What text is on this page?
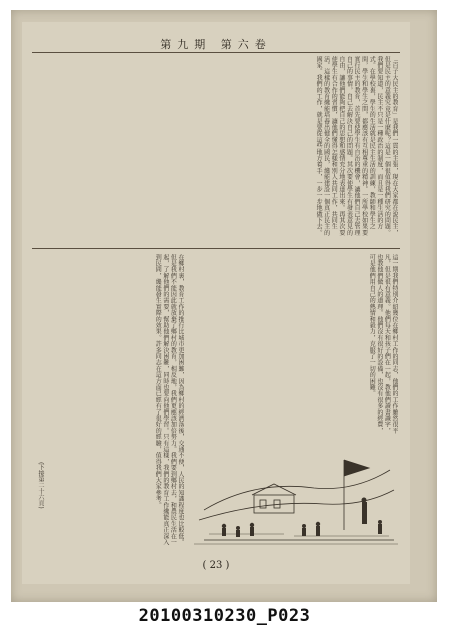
第九期 第六卷
「百子大民主的教育」是我們一貫的主張，現在大家都在說民主，但是民主的意義究竟是什麼呢？這是一個很值得我們研究的問題。我們要知道，民主不只是一種政治的制度，而且是一種生活的方式。在學校裏，學生的生活就是民主生活的訓練，教師和學生之間，學生和學生之間，都應該有互相尊重的精神。一所學校如果要實行民主的教育，首先要使學生有自治的機會，讓他們自己去管理自己的事情，自己去解決自己的問題。其次要使學生有發表意見的自由，讓他們能夠把自己的思想和感情充分地表達出來。再其次要使學生有合作的習慣，讓他們懂得怎樣和別人共同工作，共同生活。這樣的教育纔能培養出健全的國民，纔能建設一個真正民主的國家。我們的工作，就是要從這些地方着手，一步一步地做下去。
在鄉村裏，教育工作的推行比城市更加困難，因為鄉村的經濟落後，交通不便，人民的知識程度也比較低。但是我們不能因此就放棄了鄉村的教育，相反地，我們更應該加倍努力。我們要到鄉村去，和農民生活在一起，了解他們的需要，幫助他們解決困難，同時也要向他們學習。只有這樣，我們的教育工作纔能真正深入到民間，纔能發生實際的效果。許多同志在這方面已經有了很好的經驗，值得我們大家參考。	這一期我們特別介紹幾位在鄉村工作的同志，他們的工作雖然很平凡，但是很有意義。他們每天和孩子們在一起，教他們讀書識字，也教他們做人的道理。他們沒有很好的設備，也沒有很多的經費，可是他們用自己的熱情和毅力，克服了一切的困難。
(下接第二十六頁)
( 23 )
20100310230_P023
